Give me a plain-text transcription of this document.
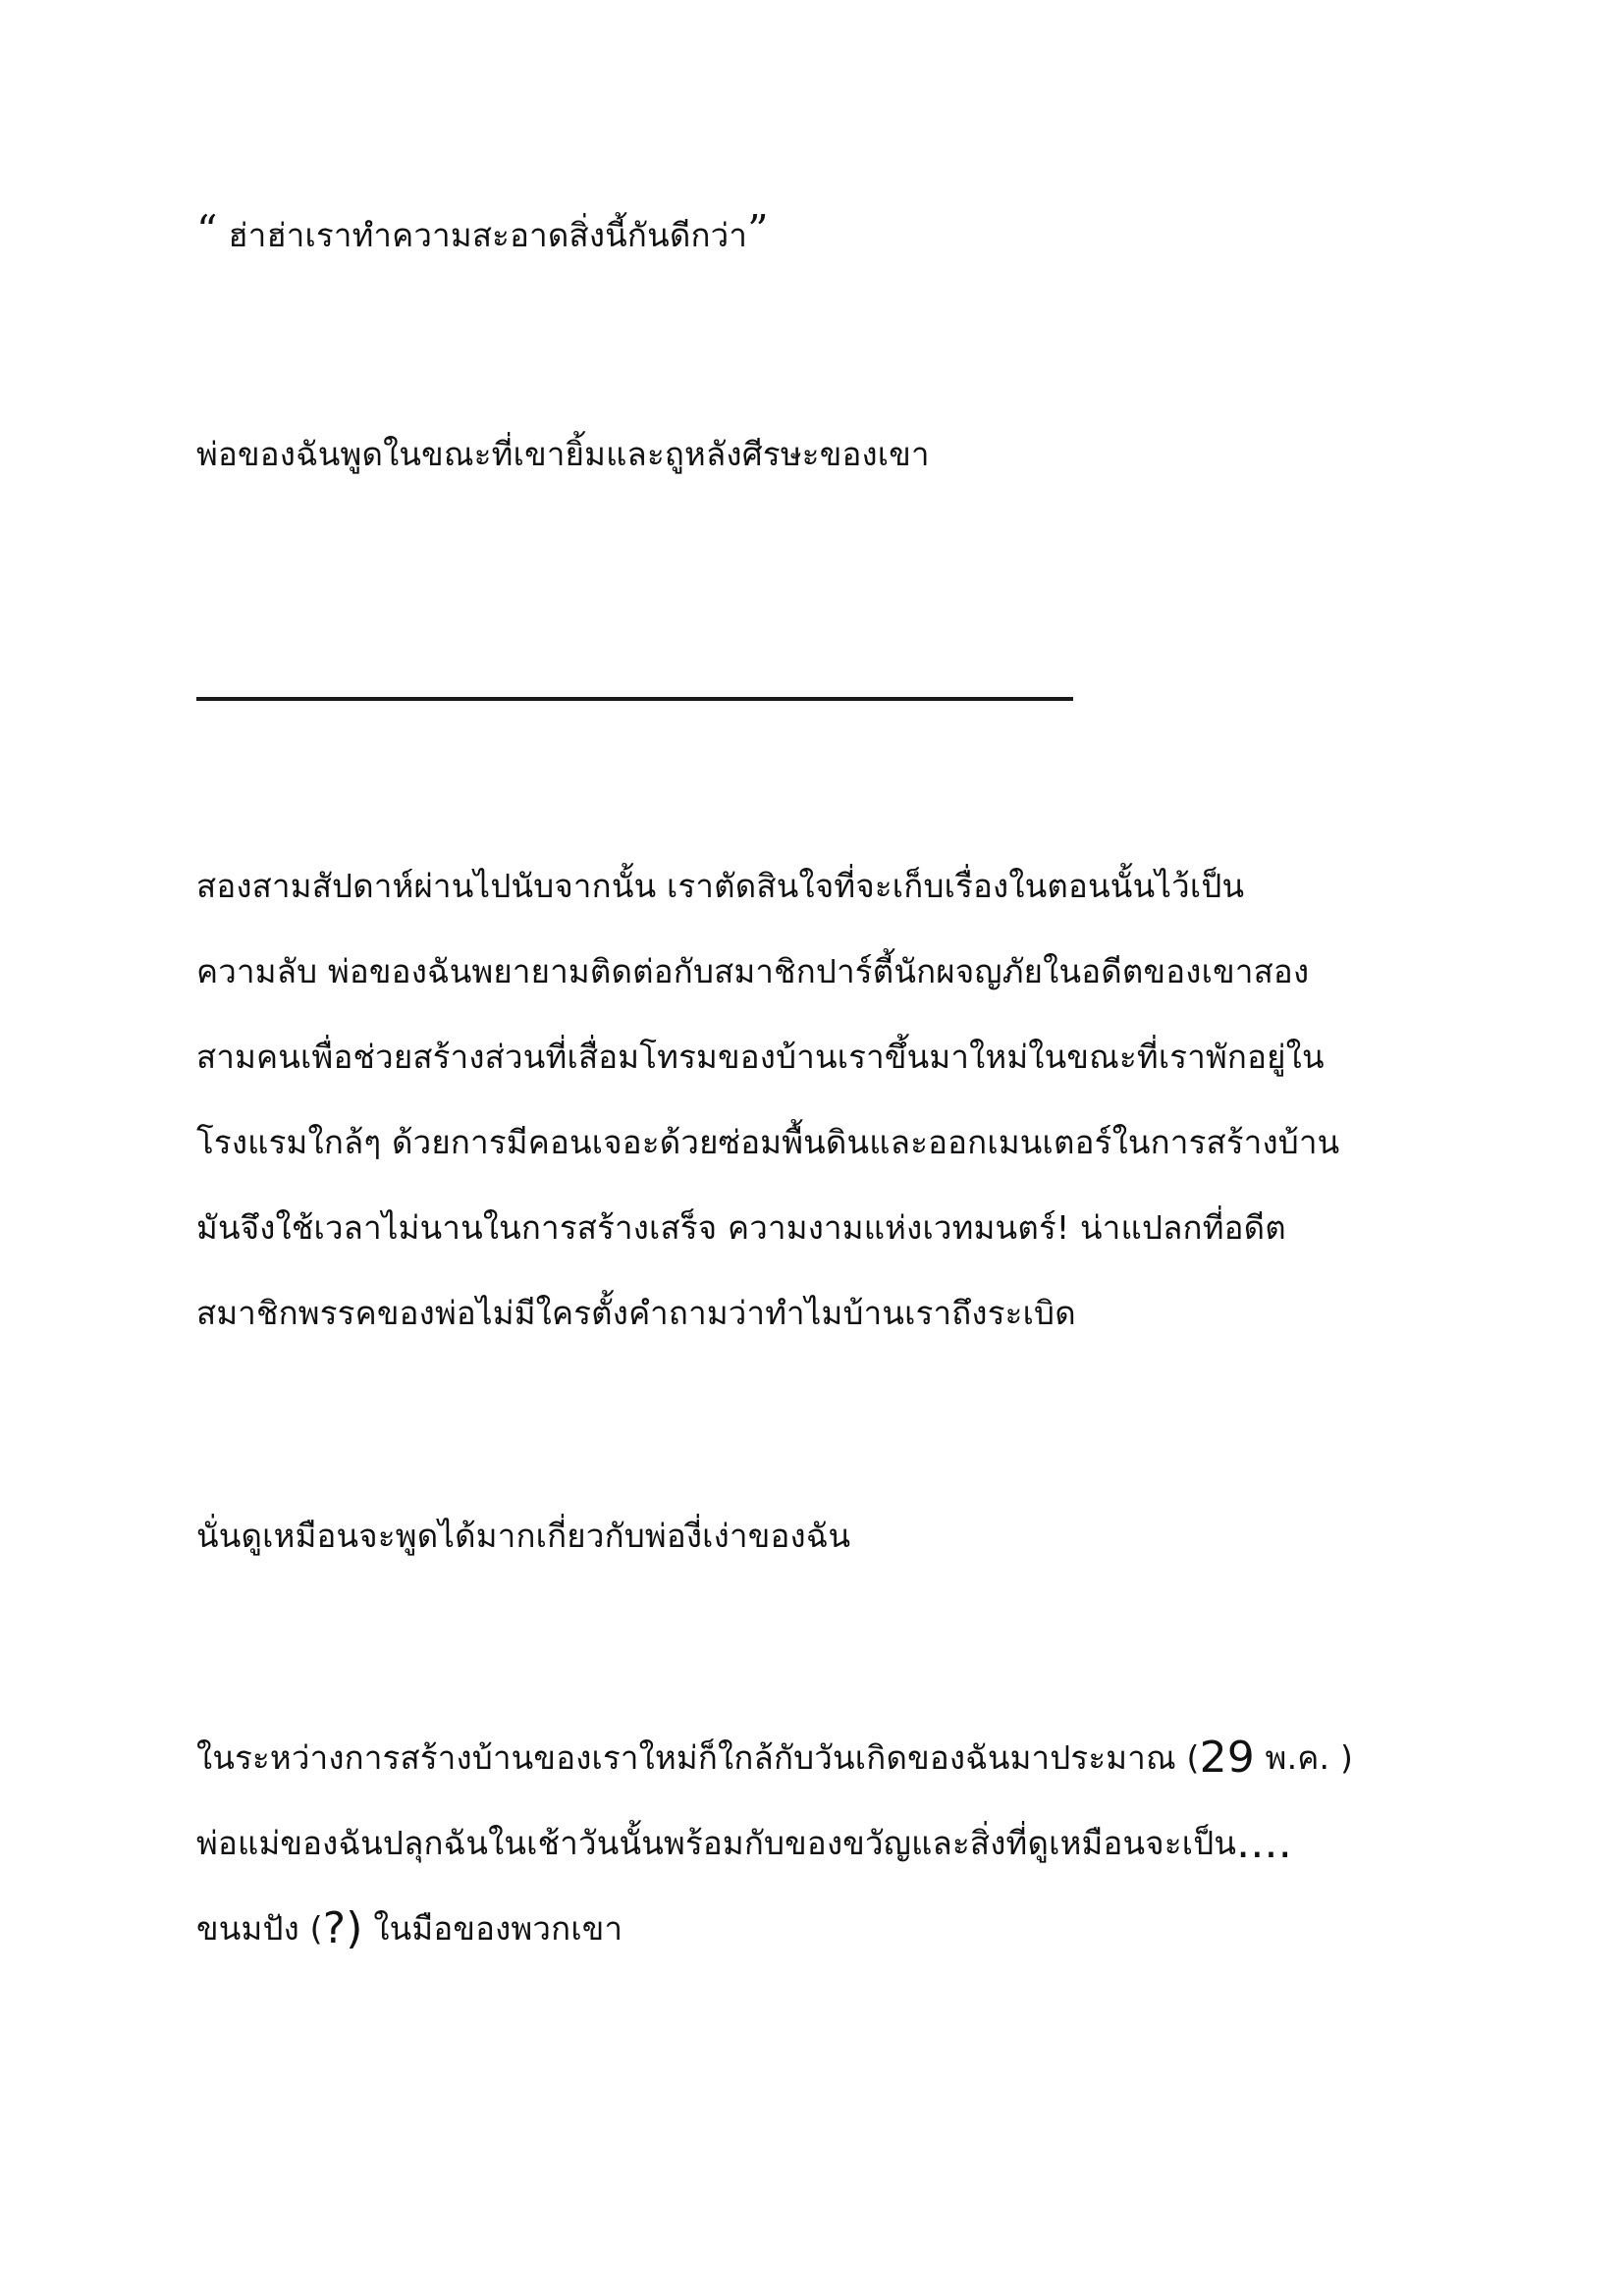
“ ฮ่าฮ่าเราทำความสะอาดสิ่งนี้กันดีกว่า”
พ่อของฉันพูดในขณะที่เขายิ้มและถูหลังศีรษะของเขา
สองสามสัปดาห์ผ่านไปนับจากนั้น เราตัดสินใจที่จะเก็บเรื่องในตอนนั้นไว้เป็น
ความลับ พ่อของฉันพยายามติดต่อกับสมาชิกปาร์ตี้นักผจญภัยในอดีตของเขาสอง
สามคนเพื่อช่วยสร้างส่วนที่เสื่อมโทรมของบ้านเราขึ้นมาใหม่ในขณะที่เราพักอยู่ใน
โรงแรมใกล้ๆ ด้วยการมีคอนเจอะด้วยซ่อมพื้นดินและออกเมนเตอร์ในการสร้างบ้าน
มันจึงใช้เวลาไม่นานในการสร้างเสร็จ ความงามแห่งเวทมนตร์! น่าแปลกที่อดีต
สมาชิกพรรคของพ่อไม่มีใครตั้งคำถามว่าทำไมบ้านเราถึงระเบิด
นั่นดูเหมือนจะพูดได้มากเกี่ยวกับพ่องี่เง่าของฉัน
ในระหว่างการสร้างบ้านของเราใหม่ก็ใกล้กับวันเกิดของฉันมาประมาณ (29 พ.ค. )
พ่อแม่ของฉันปลุกฉันในเช้าวันนั้นพร้อมกับของขวัญและสิ่งที่ดูเหมือนจะเป็น....
ขนมปัง (?) ในมือของพวกเขา
